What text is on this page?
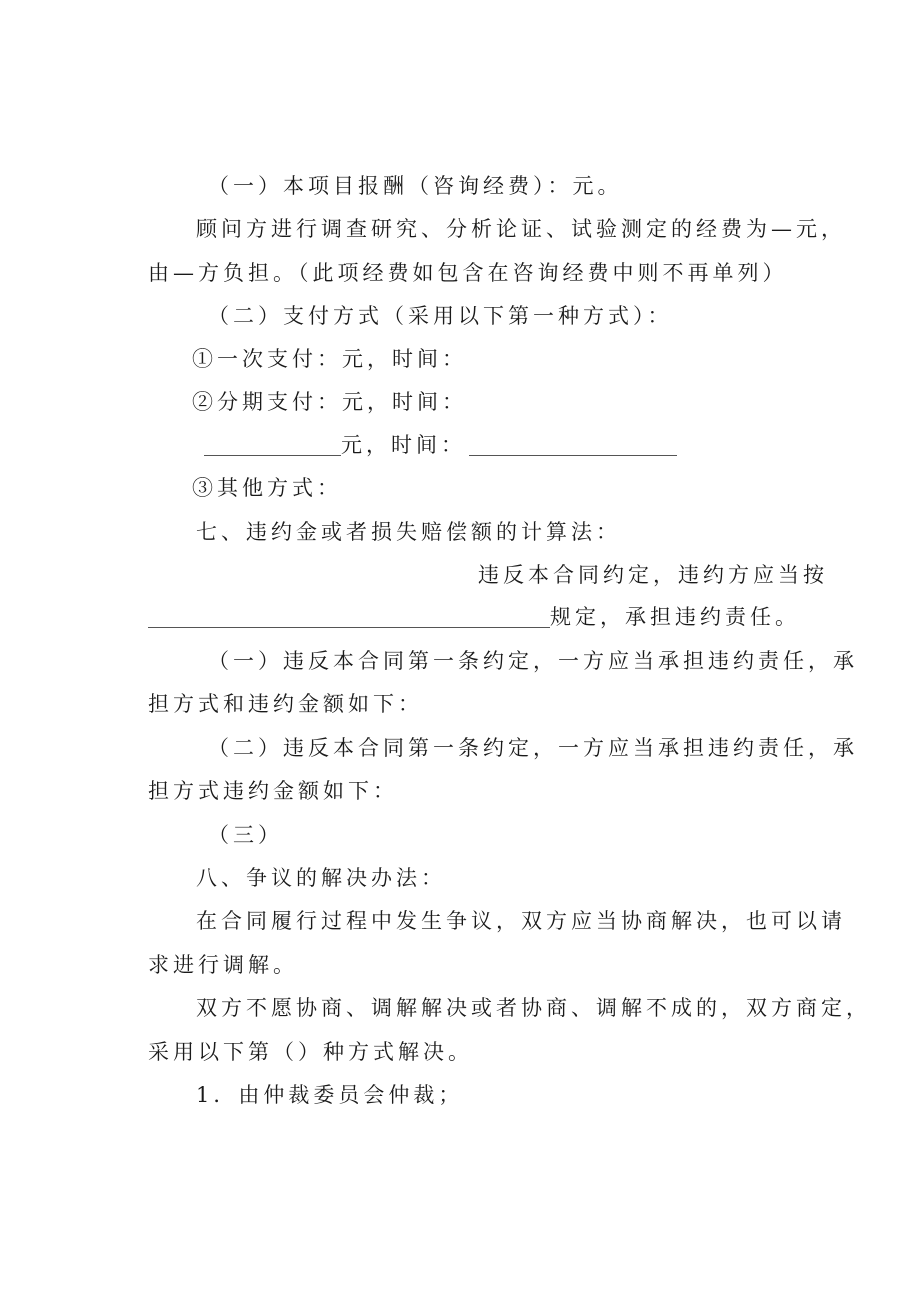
（一）本项目报酬（咨询经费）：元。
顾问方进行调查研究、分析论证、试验测定的经费为—元，
由—方负担。（此项经费如包含在咨询经费中则不再单列）
（二）支付方式（采用以下第一种方式）：
①一次支付：元，时间：
②分期支付：元，时间：
元，时间：
③其他方式：
七、违约金或者损失赔偿额的计算法：
违反本合同约定，违约方应当按
规定，承担违约责任。
（一）违反本合同第一条约定，一方应当承担违约责任，承
担方式和违约金额如下：
（二）违反本合同第一条约定，一方应当承担违约责任，承
担方式违约金额如下：
（三）
八、争议的解决办法：
在合同履行过程中发生争议，双方应当协商解决，也可以请
求进行调解。
双方不愿协商、调解解决或者协商、调解不成的，双方商定，
采用以下第（）种方式解决。
1．由仲裁委员会仲裁；
